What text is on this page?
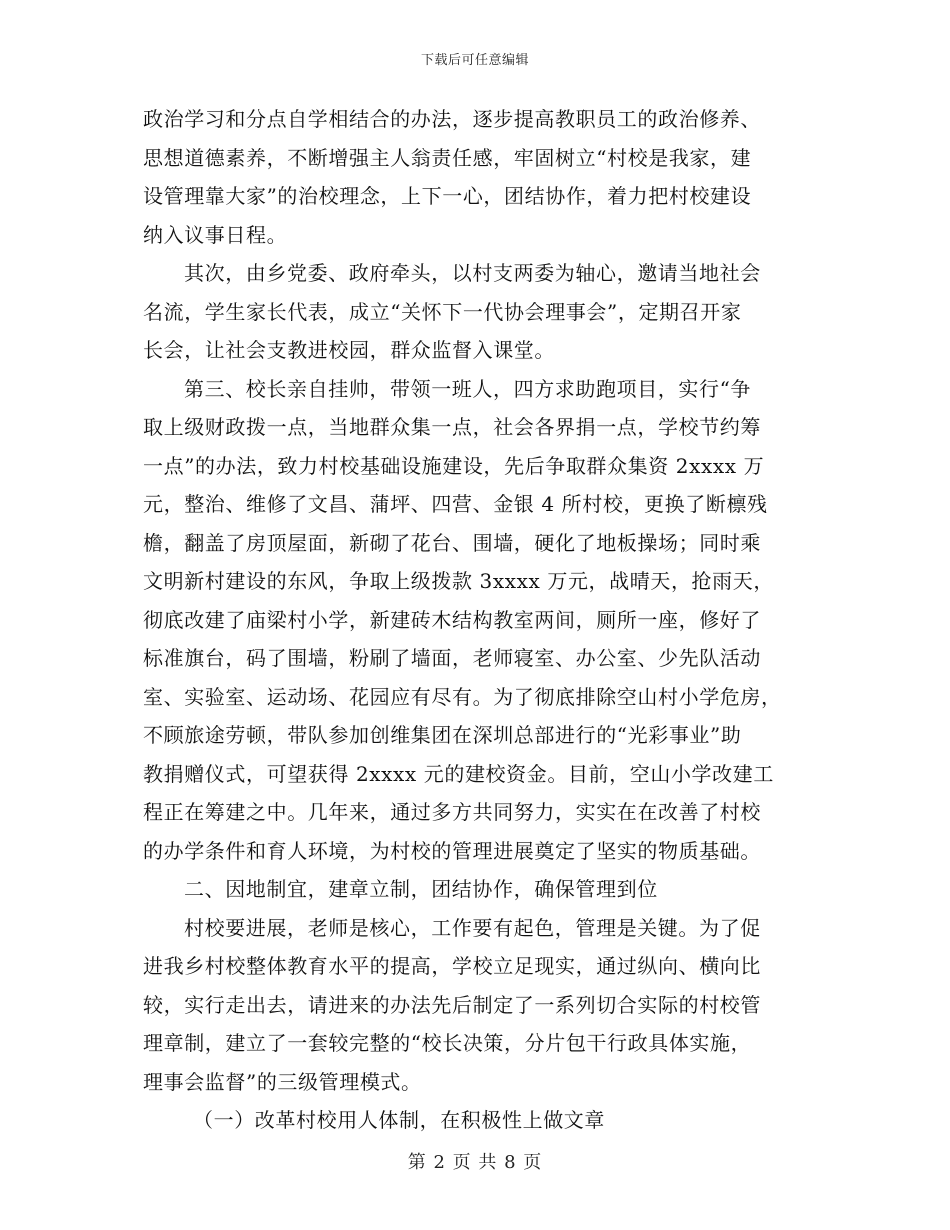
下载后可任意编辑
政治学习和分点自学相结合的办法，逐步提高教职员工的政治修养、
思想道德素养，不断增强主人翁责任感，牢固树立“村校是我家，建
设管理靠大家”的治校理念，上下一心，团结协作，着力把村校建设
纳入议事日程。
其次，由乡党委、政府牵头，以村支两委为轴心，邀请当地社会
名流，学生家长代表，成立“关怀下一代协会理事会”，定期召开家
长会，让社会支教进校园，群众监督入课堂。
第三、校长亲自挂帅，带领一班人，四方求助跑项目，实行“争
取上级财政拨一点，当地群众集一点，社会各界捐一点，学校节约筹
一点”的办法，致力村校基础设施建设，先后争取群众集资 2xxxx 万
元，整治、维修了文昌、蒲坪、四营、金银 4 所村校，更换了断檩残
檐，翻盖了房顶屋面，新砌了花台、围墙，硬化了地板操场；同时乘
文明新村建设的东风，争取上级拨款 3xxxx 万元，战晴天，抢雨天，
彻底改建了庙梁村小学，新建砖木结构教室两间，厕所一座，修好了
标准旗台，码了围墙，粉刷了墙面，老师寝室、办公室、少先队活动
室、实验室、运动场、花园应有尽有。为了彻底排除空山村小学危房，
不顾旅途劳顿，带队参加创维集团在深圳总部进行的“光彩事业”助
教捐赠仪式，可望获得 2xxxx 元的建校资金。目前，空山小学改建工
程正在筹建之中。几年来，通过多方共同努力，实实在在改善了村校
的办学条件和育人环境，为村校的管理进展奠定了坚实的物质基础。
二、因地制宜，建章立制，团结协作，确保管理到位
村校要进展，老师是核心，工作要有起色，管理是关键。为了促
进我乡村校整体教育水平的提高，学校立足现实，通过纵向、横向比
较，实行走出去，请进来的办法先后制定了一系列切合实际的村校管
理章制，建立了一套较完整的“校长决策，分片包干行政具体实施，
理事会监督”的三级管理模式。
（一）改革村校用人体制，在积极性上做文章
第 2 页 共 8 页
